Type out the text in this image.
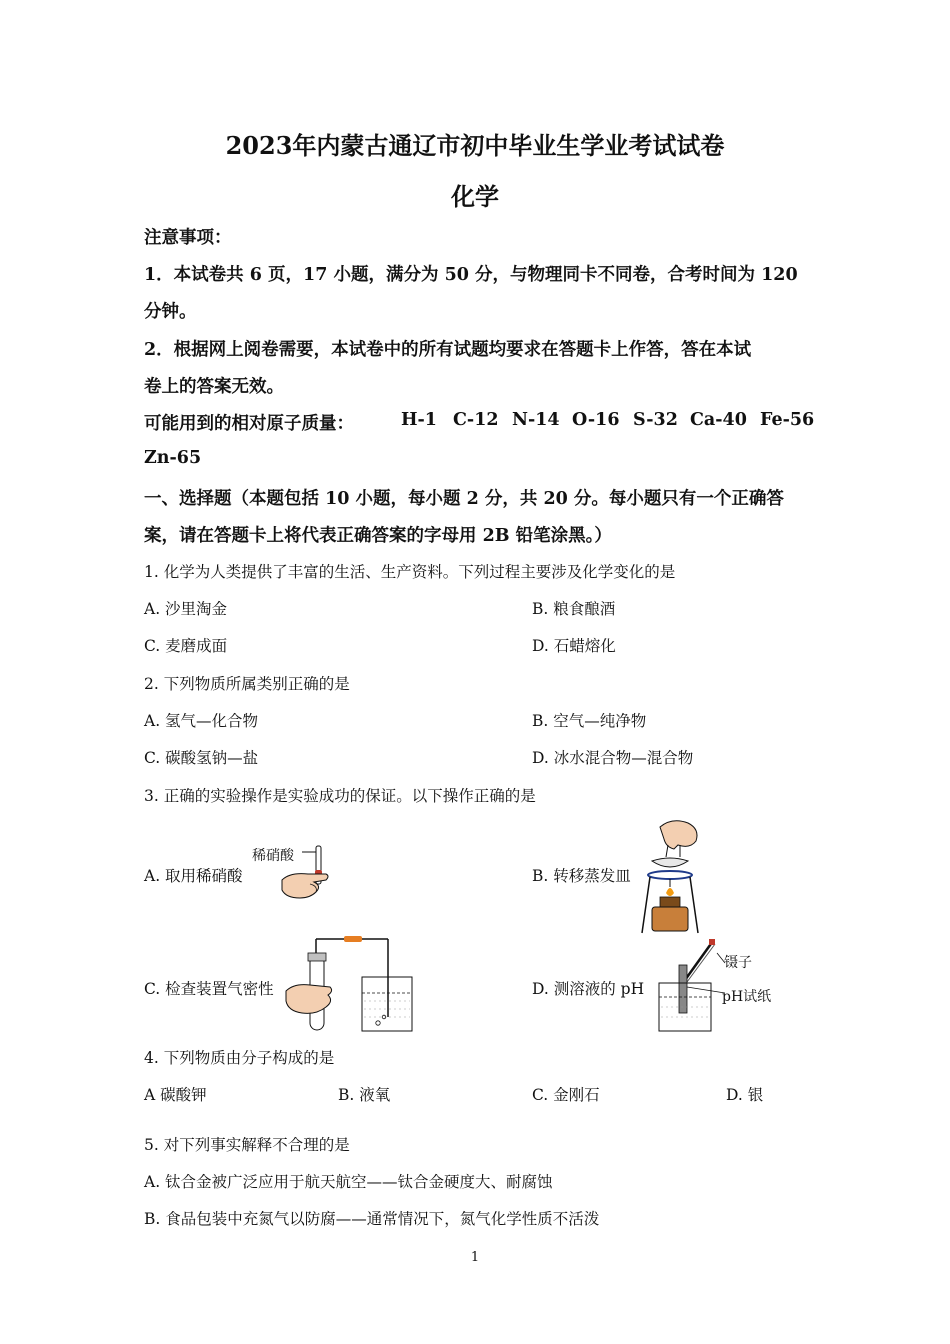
2023年内蒙古通辽市初中毕业生学业考试试卷
化学
注意事项：
1．本试卷共 6 页，17 小题，满分为 50 分，与物理同卡不同卷，合考时间为 120
分钟。
2．根据网上阅卷需要，本试卷中的所有试题均要求在答题卡上作答，答在本试
卷上的答案无效。
可能用到的相对原子质量：	H-1 C-12 N-14 O-16 S-32 Ca-40 Fe-56
Zn-65
一、选择题（本题包括 10 小题，每小题 2 分，共 20 分。每小题只有一个正确答
案，请在答题卡上将代表正确答案的字母用 2B 铅笔涂黑。）
1. 化学为人类提供了丰富的生活、生产资料。下列过程主要涉及化学变化的是
A. 沙里淘金	B. 粮食酿酒
C. 麦磨成面	D. 石蜡熔化
2. 下列物质所属类别正确的是
A. 氢气—化合物	B. 空气—纯净物
C. 碳酸氢钠—盐	D. 冰水混合物—混合物
3. 正确的实验操作是实验成功的保证。以下操作正确的是
A. 取用稀硝酸	B. 转移蒸发皿
C. 检查装置气密性	D. 测溶液的 pH
稀硝酸
镊子
pH试纸
4. 下列物质由分子构成的是
A 碳酸钾	B. 液氧	C. 金刚石	D. 银
5. 对下列事实解释不合理的是
A. 钛合金被广泛应用于航天航空——钛合金硬度大、耐腐蚀
B. 食品包装中充氮气以防腐——通常情况下，氮气化学性质不活泼
1
